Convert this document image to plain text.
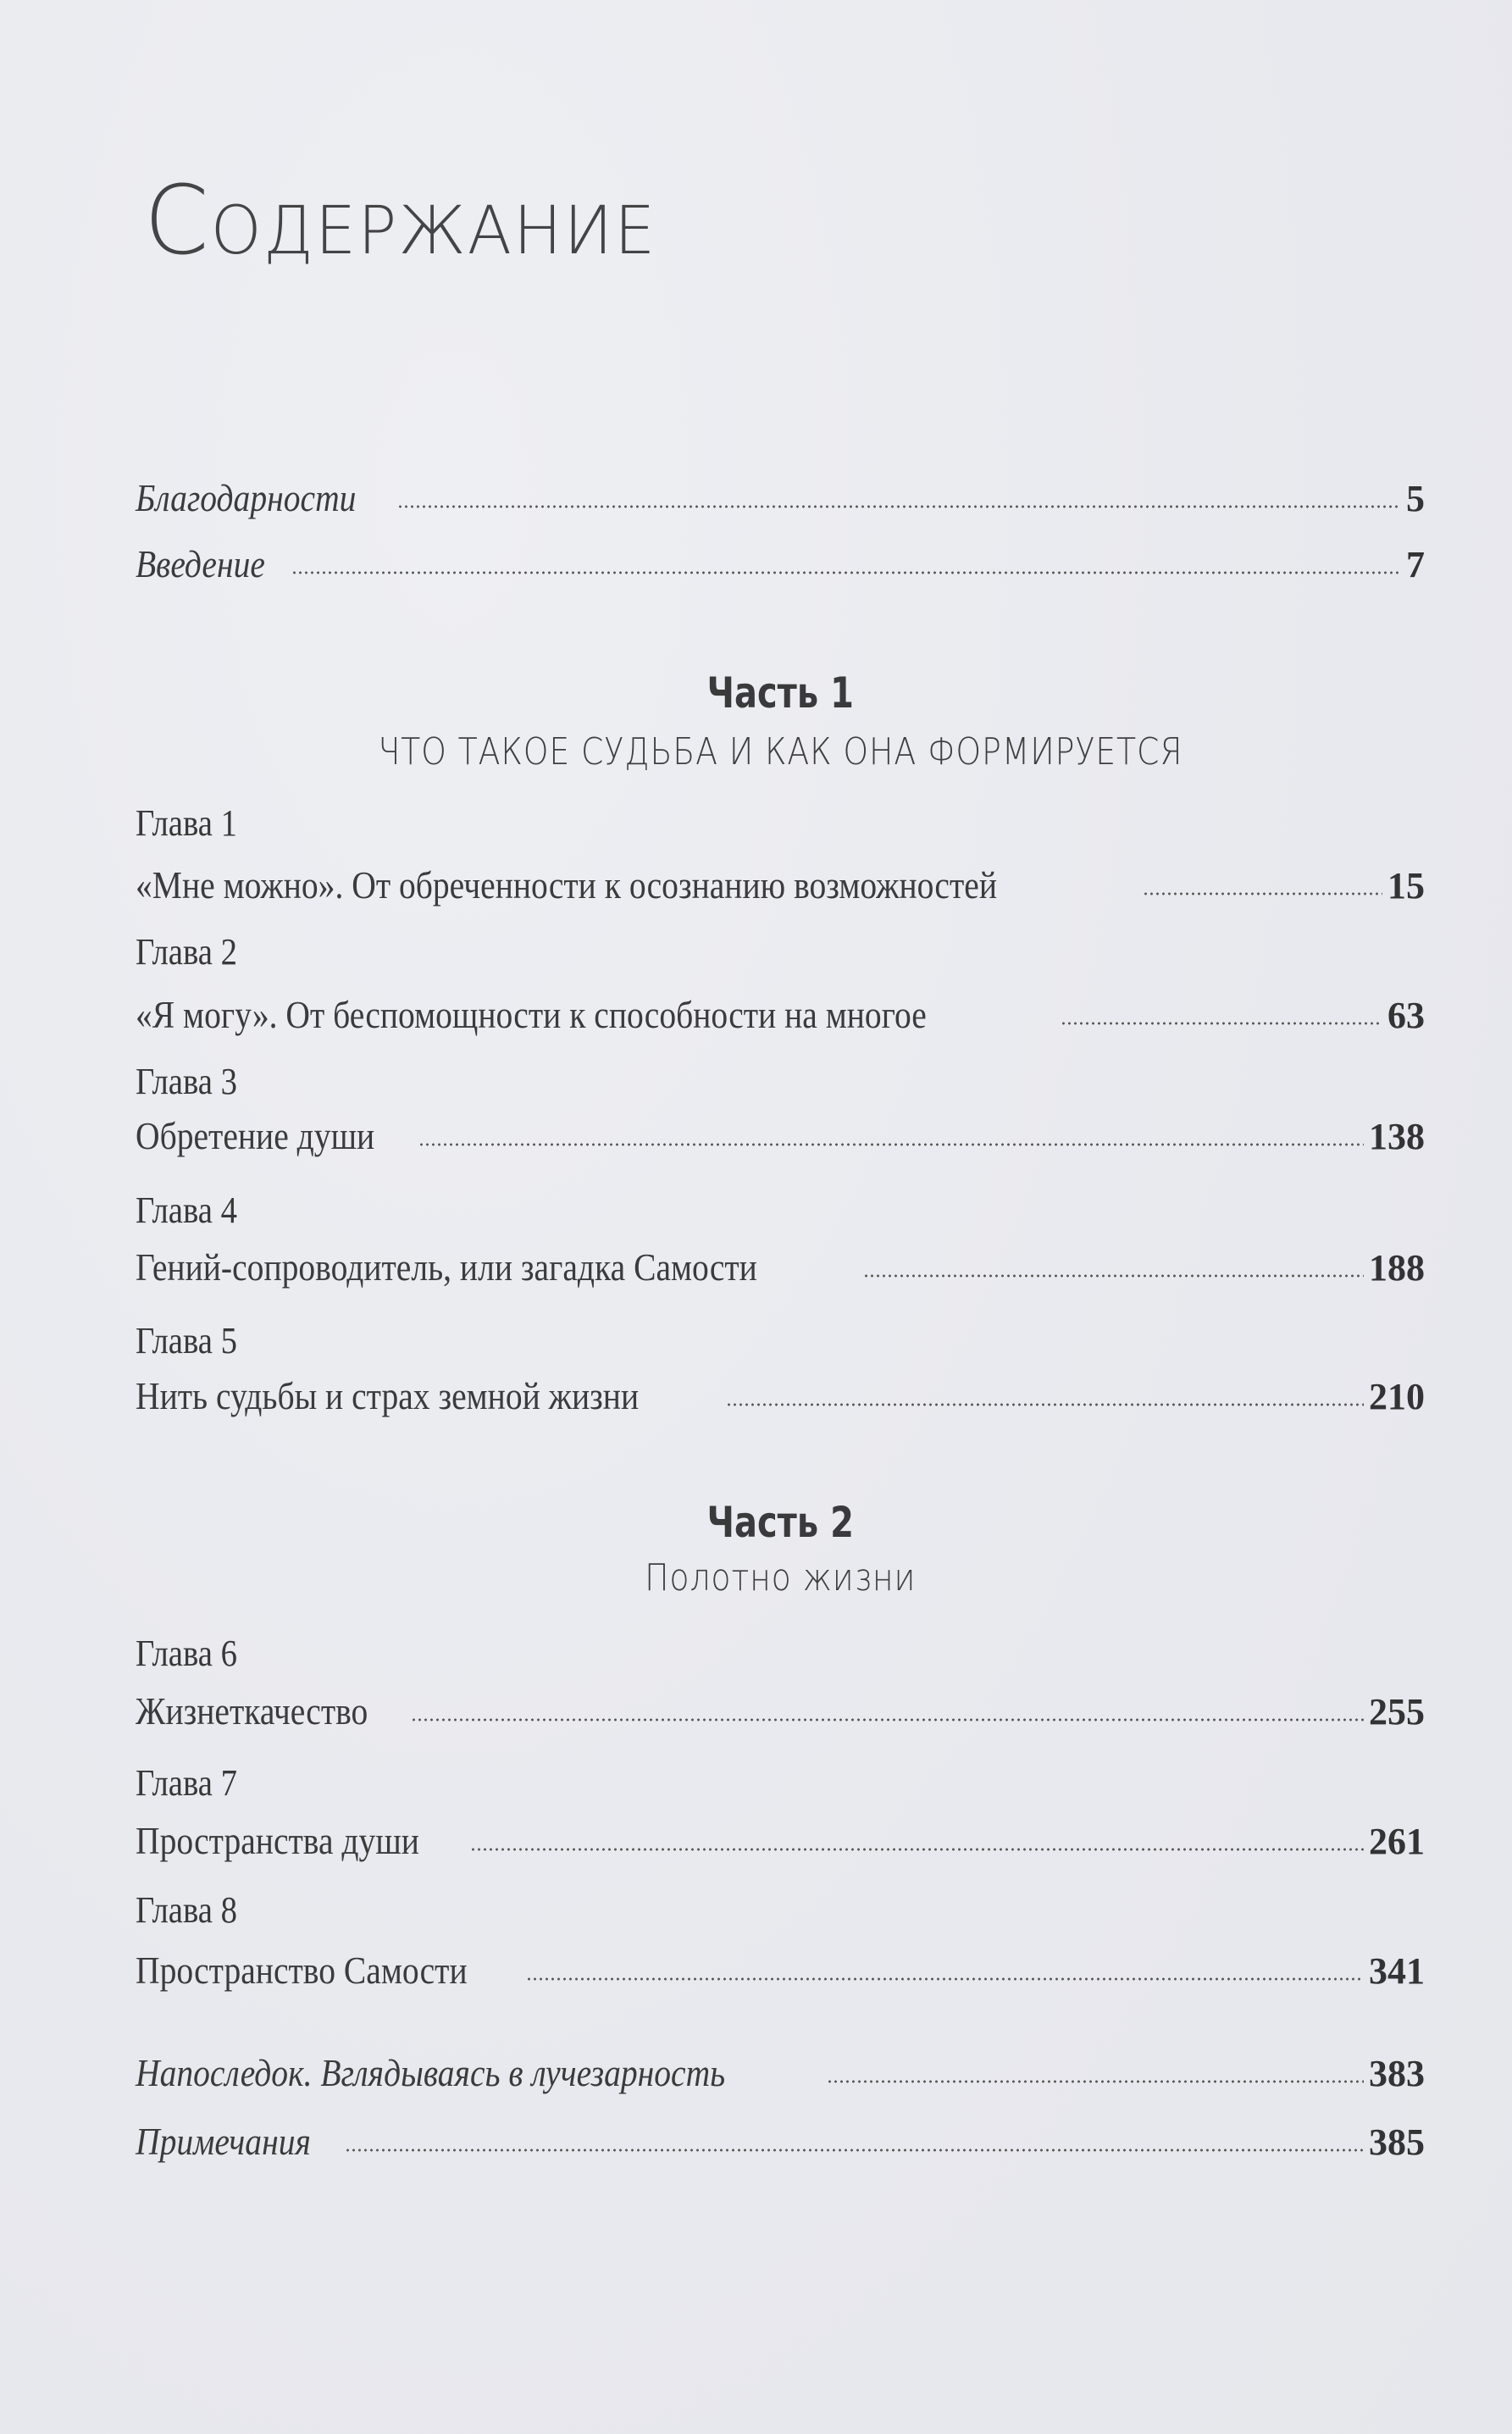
Содержание
Благодарности	5
Введение	7
Часть 1
ЧТО ТАКОЕ СУДЬБА И КАК ОНА ФОРМИРУЕТСЯ
Глава 1
«Мне можно». От обреченности к осознанию возможностей	15
Глава 2
«Я могу». От беспомощности к способности на многое	63
Глава 3
Обретение души	138
Глава 4
Гений-сопроводитель, или загадка Самости	188
Глава 5
Нить судьбы и страх земной жизни	210
Часть 2
Полотно жизни
Глава 6
Жизнеткачество	255
Глава 7
Пространства души	261
Глава 8
Пространство Самости	341
Напоследок. Вглядываясь в лучезарность	383
Примечания	385
